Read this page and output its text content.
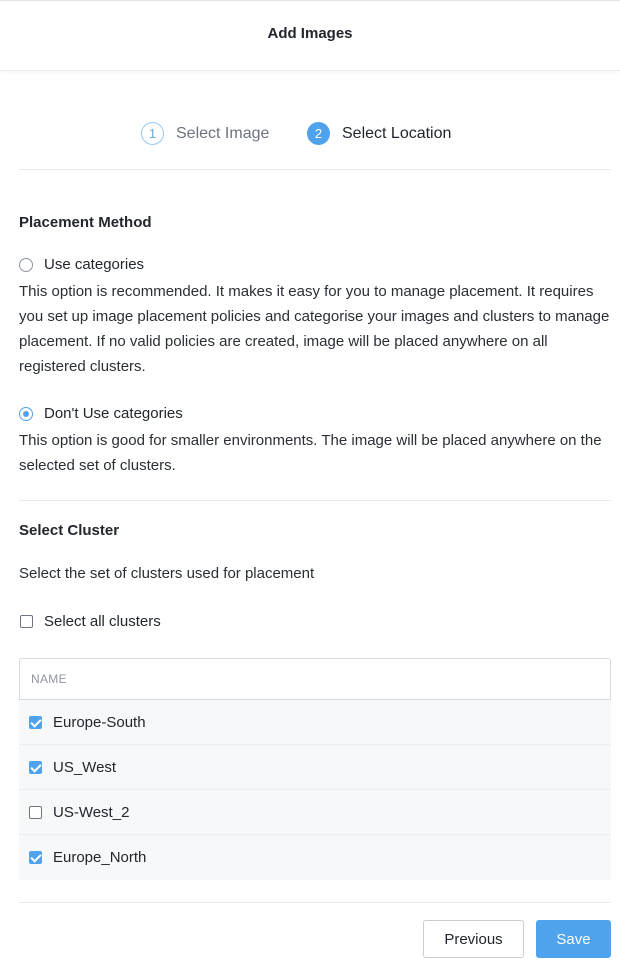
Add Images
1	Select Image	2	Select Location
Placement Method
Use categories
This option is recommended. It makes it easy for you to manage placement. It requires you set up image placement policies and categorise your images and clusters to manage placement. If no valid policies are created, image will be placed anywhere on all registered clusters.
Don't Use categories
This option is good for smaller environments. The image will be placed anywhere on the selected set of clusters.
Select Cluster
Select the set of clusters used for placement
Select all clusters
NAME
Europe-South
US_West
US-West_2
Europe_North
Previous	Save
